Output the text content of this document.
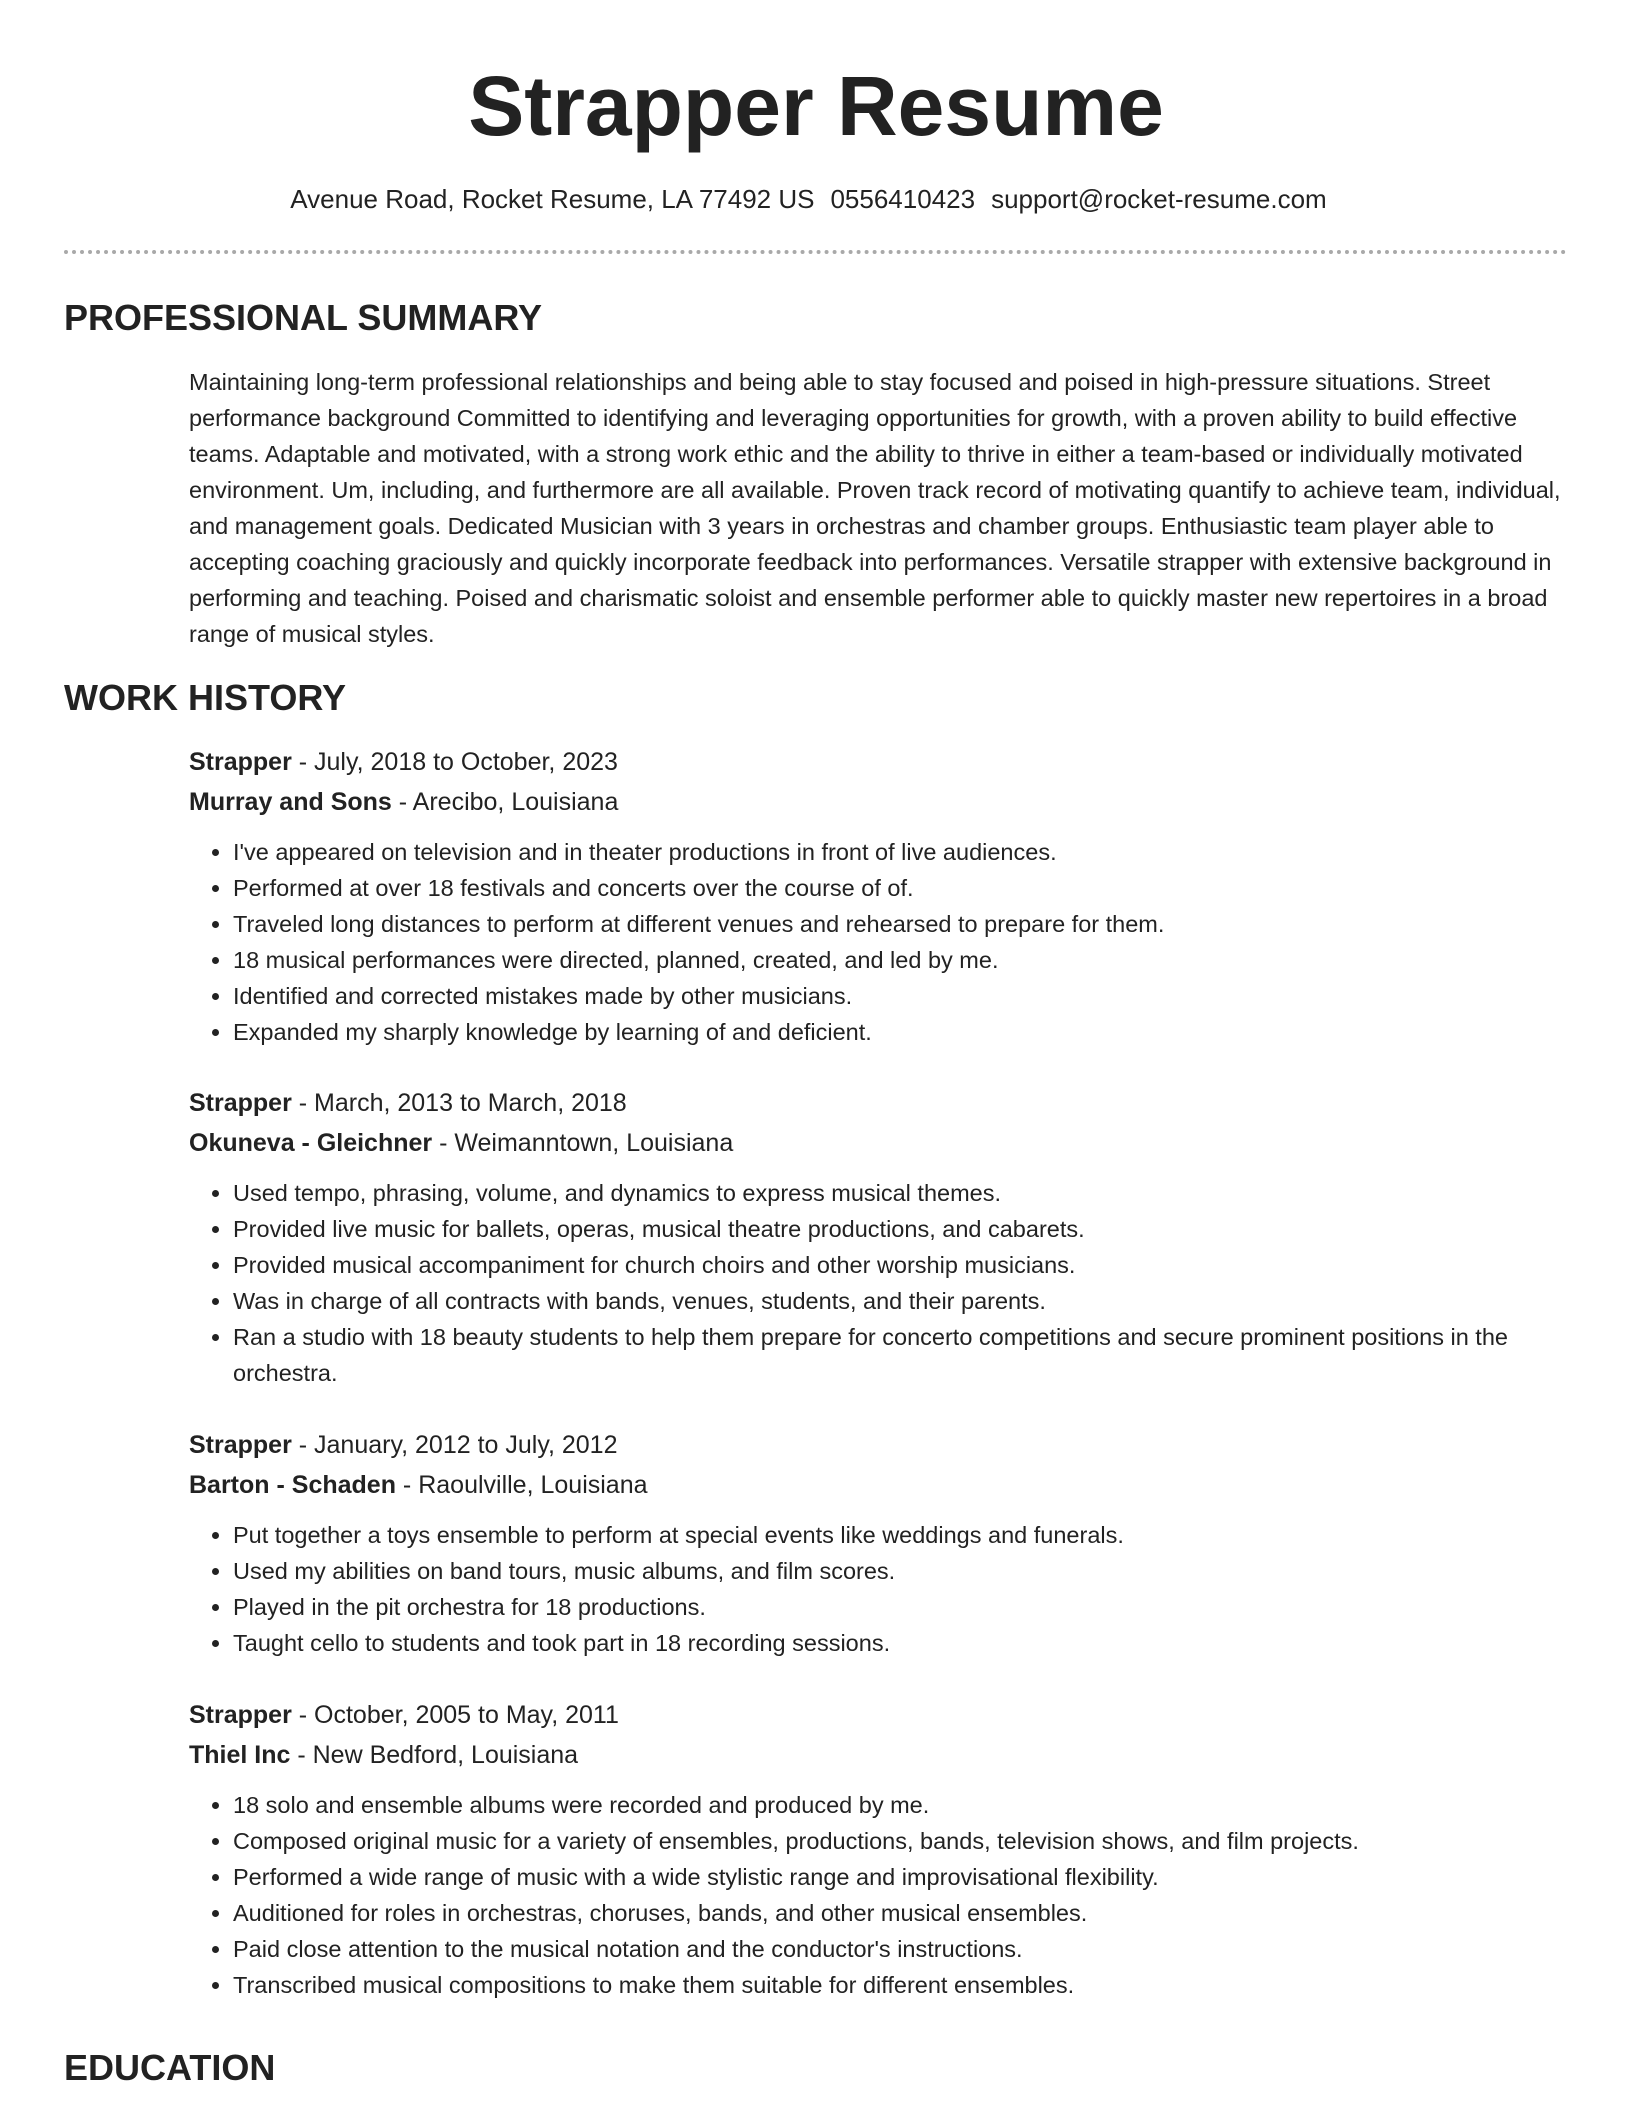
Strapper Resume
Avenue Road, Rocket Resume, LA 77492 US 0556410423 support@rocket-resume.com
PROFESSIONAL SUMMARY

Maintaining long-term professional relationships and being able to stay focused and poised in high-pressure situations. Street performance background Committed to identifying and leveraging opportunities for growth, with a proven ability to build effective teams. Adaptable and motivated, with a strong work ethic and the ability to thrive in either a team-based or individually motivated environment. Um, including, and furthermore are all available. Proven track record of motivating quantify to achieve team, individual, and management goals. Dedicated Musician with 3 years in orchestras and chamber groups. Enthusiastic team player able to accepting coaching graciously and quickly incorporate feedback into performances. Versatile strapper with extensive background in performing and teaching. Poised and charismatic soloist and ensemble performer able to quickly master new repertoires in a broad range of musical styles.

WORK HISTORY

Strapper - July, 2018 to October, 2023

Murray and Sons - Arecibo, Louisiana

• I've appeared on television and in theater productions in front of live audiences.
• Performed at over 18 festivals and concerts over the course of of.
• Traveled long distances to perform at different venues and rehearsed to prepare for them.
• 18 musical performances were directed, planned, created, and led by me.
• Identified and corrected mistakes made by other musicians.
• Expanded my sharply knowledge by learning of and deficient.

Strapper - March, 2013 to March, 2018

Okuneva - Gleichner - Weimanntown, Louisiana

• Used tempo, phrasing, volume, and dynamics to express musical themes.
• Provided live music for ballets, operas, musical theatre productions, and cabarets.
• Provided musical accompaniment for church choirs and other worship musicians.
• Was in charge of all contracts with bands, venues, students, and their parents.
• Ran a studio with 18 beauty students to help them prepare for concerto competitions and secure prominent positions in the orchestra.

Strapper - January, 2012 to July, 2012

Barton - Schaden - Raoulville, Louisiana

• Put together a toys ensemble to perform at special events like weddings and funerals.
• Used my abilities on band tours, music albums, and film scores.
• Played in the pit orchestra for 18 productions.
• Taught cello to students and took part in 18 recording sessions.

Strapper - October, 2005 to May, 2011

Thiel Inc - New Bedford, Louisiana

• 18 solo and ensemble albums were recorded and produced by me.
• Composed original music for a variety of ensembles, productions, bands, television shows, and film projects.
• Performed a wide range of music with a wide stylistic range and improvisational flexibility.
• Auditioned for roles in orchestras, choruses, bands, and other musical ensembles.
• Paid close attention to the musical notation and the conductor's instructions.
• Transcribed musical compositions to make them suitable for different ensembles.
EDUCATION
